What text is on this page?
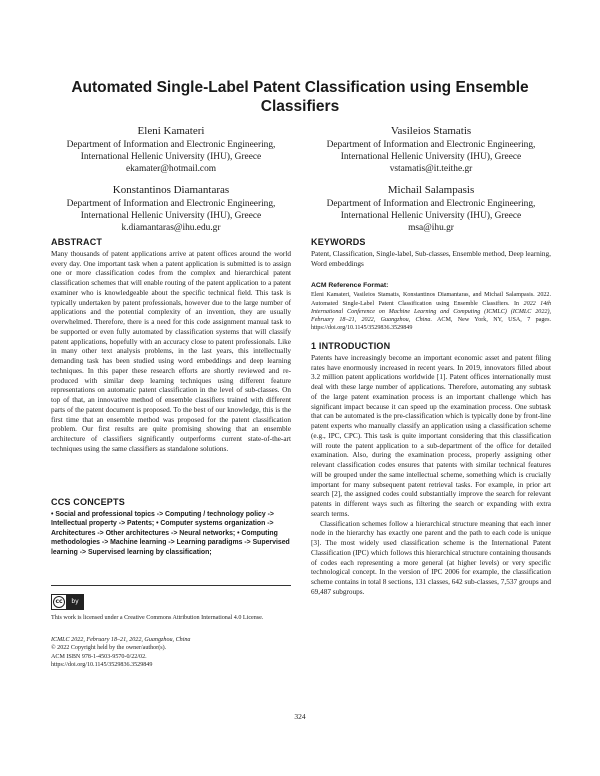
Automated Single-Label Patent Classification using Ensemble Classifiers
Eleni Kamateri
Department of Information and Electronic Engineering,
International Hellenic University (IHU), Greece
ekamater@hotmail.com
Vasileios Stamatis
Department of Information and Electronic Engineering,
International Hellenic University (IHU), Greece
vstamatis@it.teithe.gr
Konstantinos Diamantaras
Department of Information and Electronic Engineering,
International Hellenic University (IHU), Greece
k.diamantaras@ihu.edu.gr
Michail Salampasis
Department of Information and Electronic Engineering,
International Hellenic University (IHU), Greece
msa@ihu.gr
ABSTRACT

Many thousands of patent applications arrive at patent offices around the world every day. One important task when a patent application is submitted is to assign one or more classification codes from the complex and hierarchical patent classification schemes that will enable routing of the patent application to a patent examiner who is knowledgeable about the specific technical field. This task is typically undertaken by patent professionals, however due to the large number of applications and the potential complexity of an invention, they are usually overwhelmed. Therefore, there is a need for this code assignment manual task to be supported or even fully automated by classification systems that will classify patent applications, hopefully with an accuracy close to patent professionals. Like in many other text analysis problems, in the last years, this intellectually demanding task has been studied using word embeddings and deep learning techniques. In this paper these research efforts are shortly reviewed and re-produced with similar deep learning techniques using different feature representations on automatic patent classification in the level of sub-classes. On top of that, an innovative method of ensemble classifiers trained with different parts of the patent document is proposed. To the best of our knowledge, this is the first time that an ensemble method was proposed for the patent classification problem. Our first results are quite promising showing that an ensemble architecture of classifiers significantly outperforms current state-of-the-art techniques using the same classifiers as standalone solutions.

CCS CONCEPTS

• Social and professional topics -> Computing / technology policy -> Intellectual property -> Patents; • Computer systems organization -> Architectures -> Other architectures -> Neural networks; • Computing methodologies -> Machine learning -> Learning paradigms -> Supervised learning -> Supervised learning by classification;

cc	by

This work is licensed under a Creative Commons Attribution International 4.0 License.

ICMLC 2022, February 18–21, 2022, Guangzhou, China
© 2022 Copyright held by the owner/author(s).
ACM ISBN 978-1-4503-9570-0/22/02.
https://doi.org/10.1145/3529836.3529849
KEYWORDS

Patent, Classification, Single-label, Sub-classes, Ensemble method, Deep learning, Word embeddings

ACM Reference Format:

Eleni Kamateri, Vasileios Stamatis, Konstantinos Diamantaras, and Michail Salampasis. 2022. Automated Single-Label Patent Classification using Ensemble Classifiers. In 2022 14th International Conference on Machine Learning and Computing (ICMLC) (ICMLC 2022), February 18–21, 2022, Guangzhou, China. ACM, New York, NY, USA, 7 pages. https://doi.org/10.1145/3529836.3529849

1 INTRODUCTION

Patents have increasingly become an important economic asset and patent filing rates have enormously increased in recent years. In 2019, innovators filled about 3.2 million patent applications worldwide [1]. Patent offices internationally must deal with these large number of applications. Therefore, automating any subtask of the large patent examination process is an important challenge which has significant impact because it can speed up the examination process. One subtask that can be automated is the pre-classification which is typically done by front-line patent experts who manually classify an application using a classification scheme (e.g., IPC, CPC). This task is quite important considering that this classification will route the patent application to a sub-department of the office for detailed examination. Also, during the examination process, properly assigning other relevant classification codes ensures that patents with similar technical features will be grouped under the same intellectual scheme, something which is crucially important for many subsequent patent retrieval tasks. For example, in prior art search [2], the assigned codes could substantially improve the search for relevant patents in different ways such as filtering the search or expanding with extra search terms.

Classification schemes follow a hierarchical structure meaning that each inner node in the hierarchy has exactly one parent and the path to each code is unique [3]. The most widely used classification scheme is the International Patent Classification (IPC) which follows this hierarchical structure containing thousands of codes each representing a more general (at higher levels) or very specific technological concept. In the version of IPC 2006 for example, the classification scheme contains in total 8 sections, 131 classes, 642 sub-classes, 7,537 groups and 69,487 subgroups.

324
